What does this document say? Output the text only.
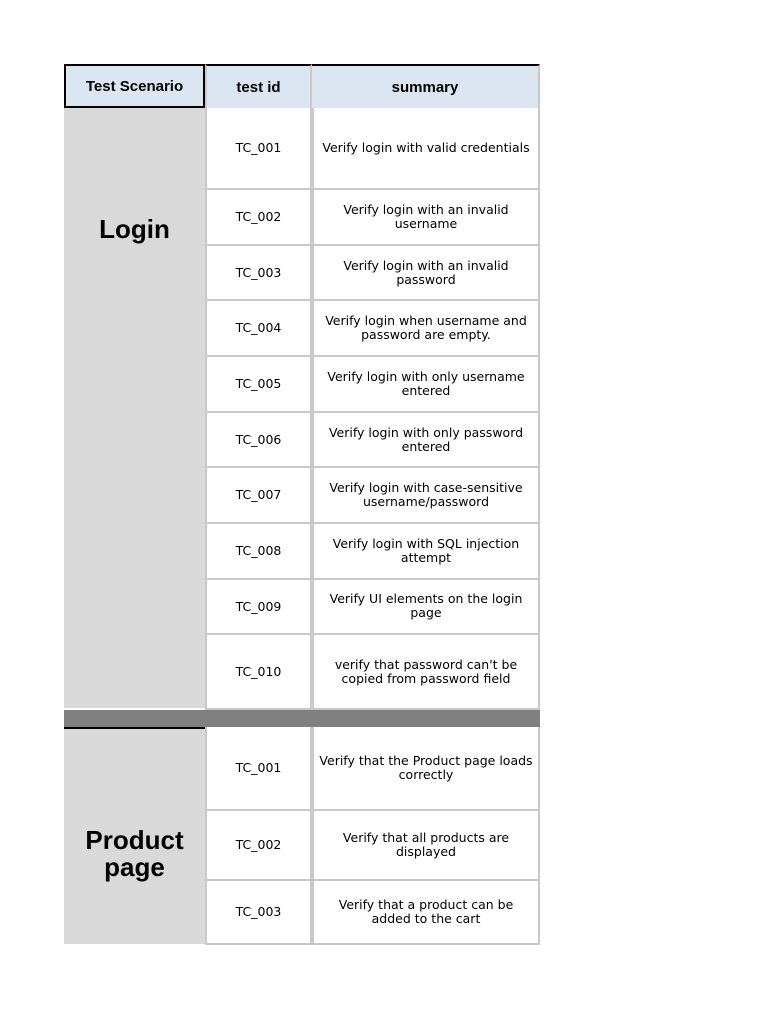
Test Scenario	test id	summary
Login
TC_001	Verify login with valid credentials
TC_002	Verify login with an invalid username
TC_003	Verify login with an invalid password
TC_004	Verify login when username and password are empty.
TC_005	Verify login with only username entered
TC_006	Verify login with only password entered
TC_007	Verify login with case-sensitive username/password
TC_008	Verify login with SQL injection attempt
TC_009	Verify UI elements on the login page
TC_010	verify that password can't be copied from password field
Product page
TC_001	Verify that the Product page loads correctly
TC_002	Verify that all products are displayed
TC_003	Verify that a product can be added to the cart
